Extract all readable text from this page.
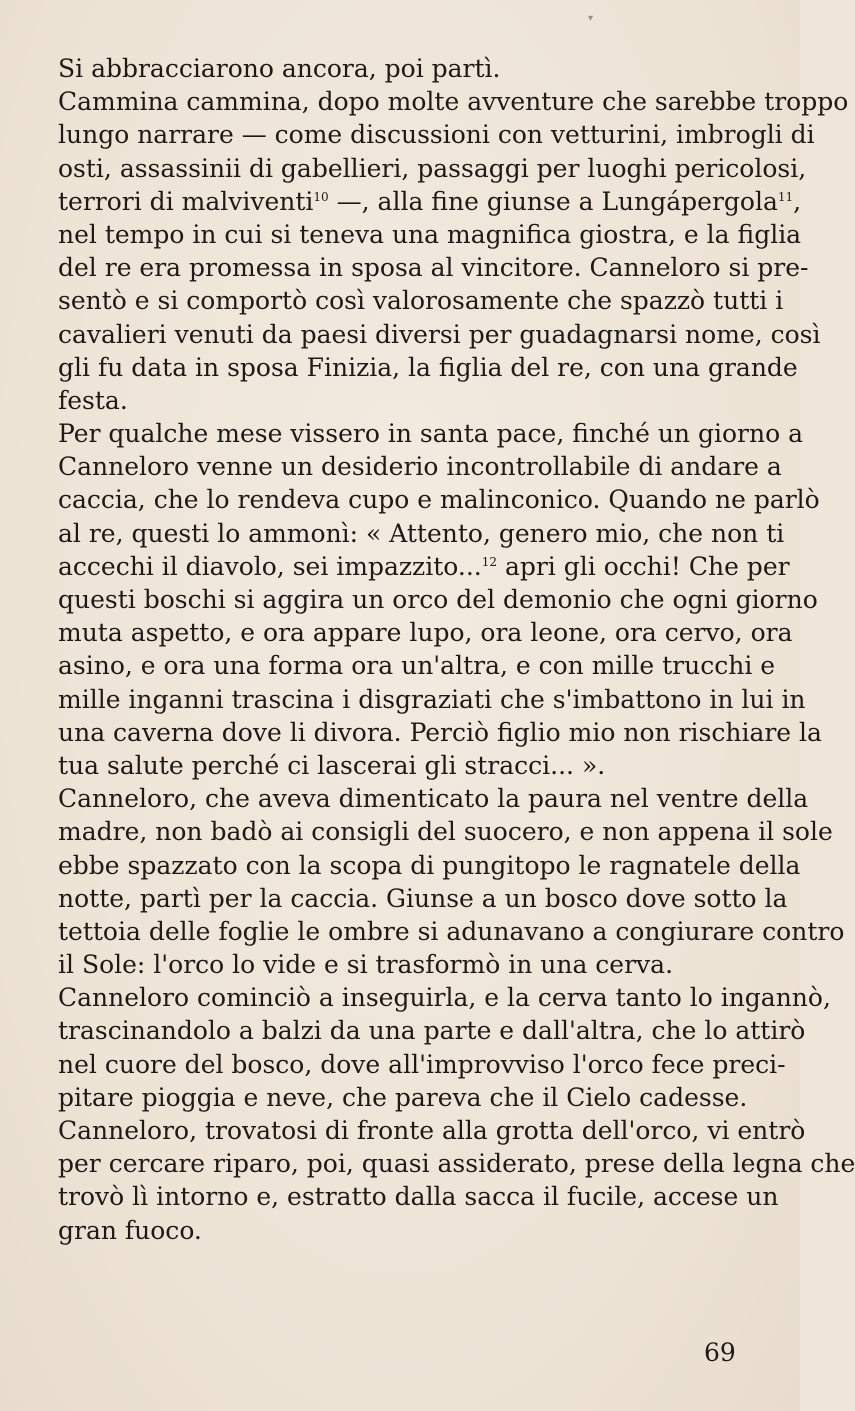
▾

Si abbracciarono ancora, poi partì.

Cammina cammina, dopo molte avventure che sarebbe troppo
lungo narrare — come discussioni con vetturini, imbrogli di
osti, assassinii di gabellieri, passaggi per luoghi pericolosi,
terrori di malviventi$^{10}$ —, alla fine giunse a Lungápergola$^{11}$,
nel tempo in cui si teneva una magnifica giostra, e la figlia
del re era promessa in sposa al vincitore. Canneloro si pre-
sentò e si comportò così valorosamente che spazzò tutti i
cavalieri venuti da paesi diversi per guadagnarsi nome, così
gli fu data in sposa Finizia, la figlia del re, con una grande
festa.

Per qualche mese vissero in santa pace, finché un giorno a
Canneloro venne un desiderio incontrollabile di andare a
caccia, che lo rendeva cupo e malinconico. Quando ne parlò
al re, questi lo ammonì: « Attento, genero mio, che non ti
accechi il diavolo, sei impazzito...$^{12}$ apri gli occhi! Che per
questi boschi si aggira un orco del demonio che ogni giorno
muta aspetto, e ora appare lupo, ora leone, ora cervo, ora
asino, e ora una forma ora un'altra, e con mille trucchi e
mille inganni trascina i disgraziati che s'imbattono in lui in
una caverna dove li divora. Perciò figlio mio non rischiare la
tua salute perché ci lascerai gli stracci... ».

Canneloro, che aveva dimenticato la paura nel ventre della
madre, non badò ai consigli del suocero, e non appena il sole
ebbe spazzato con la scopa di pungitopo le ragnatele della
notte, partì per la caccia. Giunse a un bosco dove sotto la
tettoia delle foglie le ombre si adunavano a congiurare contro
il Sole: l'orco lo vide e si trasformò in una cerva.

Canneloro cominciò a inseguirla, e la cerva tanto lo ingannò,
trascinandolo a balzi da una parte e dall'altra, che lo attirò
nel cuore del bosco, dove all'improvviso l'orco fece preci-
pitare pioggia e neve, che pareva che il Cielo cadesse.

Canneloro, trovatosi di fronte alla grotta dell'orco, vi entrò
per cercare riparo, poi, quasi assiderato, prese della legna che
trovò lì intorno e, estratto dalla sacca il fucile, accese un
gran fuoco.

69
